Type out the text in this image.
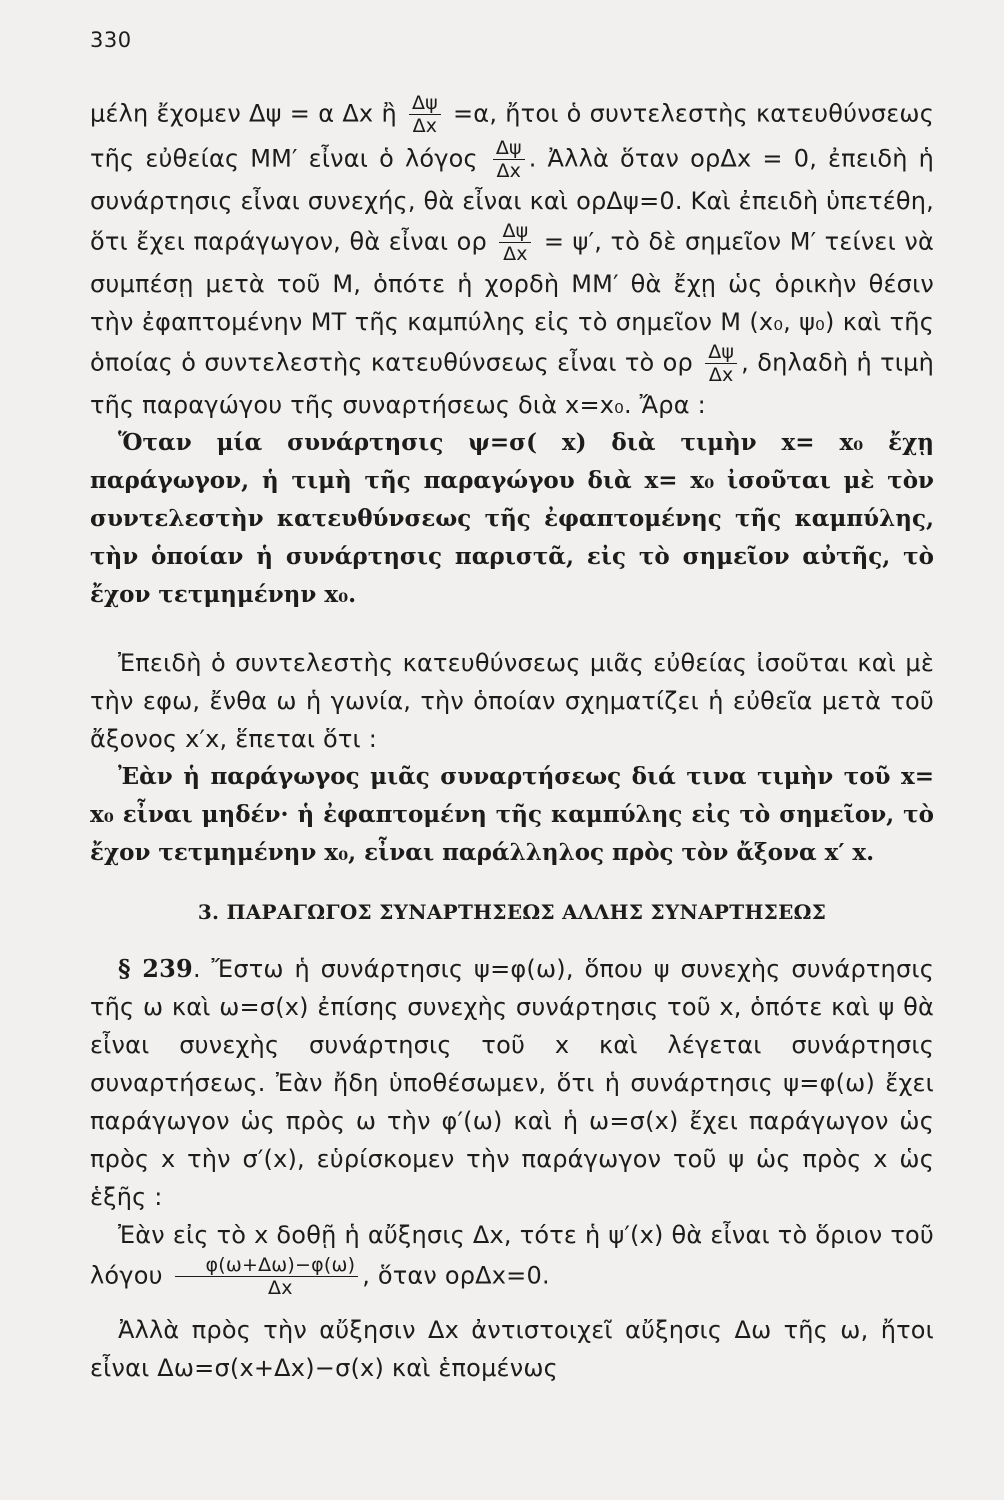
330
μέλη ἔχομεν Δψ = α Δx ἢ $\frac{\Delta\psi}{\Delta x} =\alpha$, ἤτοι ὁ συντελεστὴς κατευθύνσεως τῆς εὐθείας ΜΜ′ εἶναι ὁ λόγος $\frac{\Delta\psi}{\Delta x}$ . Ἀλλὰ ὅταν ορΔx = 0, ἐπειδὴ ἡ συνάρτησις εἶναι συνεχής, θὰ εἶναι καὶ ορΔψ=0. Καὶ ἐπειδὴ ὑπετέθη, ὅτι ἔχει παράγωγον, θὰ εἶναι ορ $\frac{\Delta\psi}{\Delta x} = \psi'$, τὸ δὲ σημεῖον Μ′ τείνει νὰ συμπέσῃ μετὰ τοῦ Μ, ὁπότε ἡ χορδὴ ΜΜ′ θὰ ἔχῃ ὡς ὁρικὴν θέσιν τὴν ἐφαπτομένην ΜΤ τῆς καμπύλης εἰς τὸ σημεῖον Μ (x₀, ψ₀) καὶ τῆς ὁποίας ὁ συντελεστὴς κατευθύνσεως εἶναι τὸ ορ $\frac{\Delta\psi}{\Delta x}$ , δηλαδὴ ἡ τιμὴ τῆς παραγώγου τῆς συναρτήσεως διὰ x=x₀. Ἄρα :
Ὅταν μία συνάρτησις ψ=σ( x) διὰ τιμὴν x= x₀ ἔχῃ παράγωγον, ἡ τιμὴ τῆς παραγώγου διὰ x= x₀ ἰσοῦται μὲ τὸν συντελεστὴν κατευθύνσεως τῆς ἐφαπτομένης τῆς καμπύλης, τὴν ὁποίαν ἡ συνάρτησις παριστᾶ, εἰς τὸ σημεῖον αὐτῆς, τὸ ἔχον τετμημένην x₀.
Ἐπειδὴ ὁ συντελεστὴς κατευθύνσεως μιᾶς εὐθείας ἰσοῦται καὶ μὲ τὴν εφω, ἔνθα ω ἡ γωνία, τὴν ὁποίαν σχηματίζει ἡ εὐθεῖα μετὰ τοῦ ἄξονος x′x, ἕπεται ὅτι :
Ἐὰν ἡ παράγωγος μιᾶς συναρτήσεως διά τινα τιμὴν τοῦ x= x₀ εἶναι μηδέν· ἡ ἐφαπτομένη τῆς καμπύλης εἰς τὸ σημεῖον, τὸ ἔχον τετμημένην x₀, εἶναι παράλληλος πρὸς τὸν ἄξονα x′ x.
3. ΠΑΡΑΓΩΓΟΣ ΣΥΝΑΡΤΗΣΕΩΣ ΑΛΛΗΣ ΣΥΝΑΡΤΗΣΕΩΣ
§ 239. Ἔστω ἡ συνάρτησις ψ=φ(ω), ὅπου ψ συνεχὴς συνάρτησις τῆς ω καὶ ω=σ(x) ἐπίσης συνεχὴς συνάρτησις τοῦ x, ὁπότε καὶ ψ θὰ εἶναι συνεχὴς συνάρτησις τοῦ x καὶ λέγεται συνάρτησις συναρτήσεως. Ἐὰν ἤδη ὑποθέσωμεν, ὅτι ἡ συνάρτησις ψ=φ(ω) ἔχει παράγωγον ὡς πρὸς ω τὴν φ′(ω) καὶ ἡ ω=σ(x) ἔχει παράγωγον ὡς πρὸς x τὴν σ′(x), εὑρίσκομεν τὴν παράγωγον τοῦ ψ ὡς πρὸς x ὡς ἑξῆς :
Ἐὰν εἰς τὸ x δοθῇ ἡ αὔξησις Δx, τότε ἡ ψ′(x) θὰ εἶναι τὸ ὅριον τοῦ λόγου $\frac{\varphi(\omega+\Delta\omega)-\varphi(\omega)}{\Delta x}$ , ὅταν ορΔx=0.
Ἀλλὰ πρὸς τὴν αὔξησιν Δx ἀντιστοιχεῖ αὔξησις Δω τῆς ω, ἤτοι εἶναι Δω=σ(x+Δx)−σ(x) καὶ ἑπομένως
